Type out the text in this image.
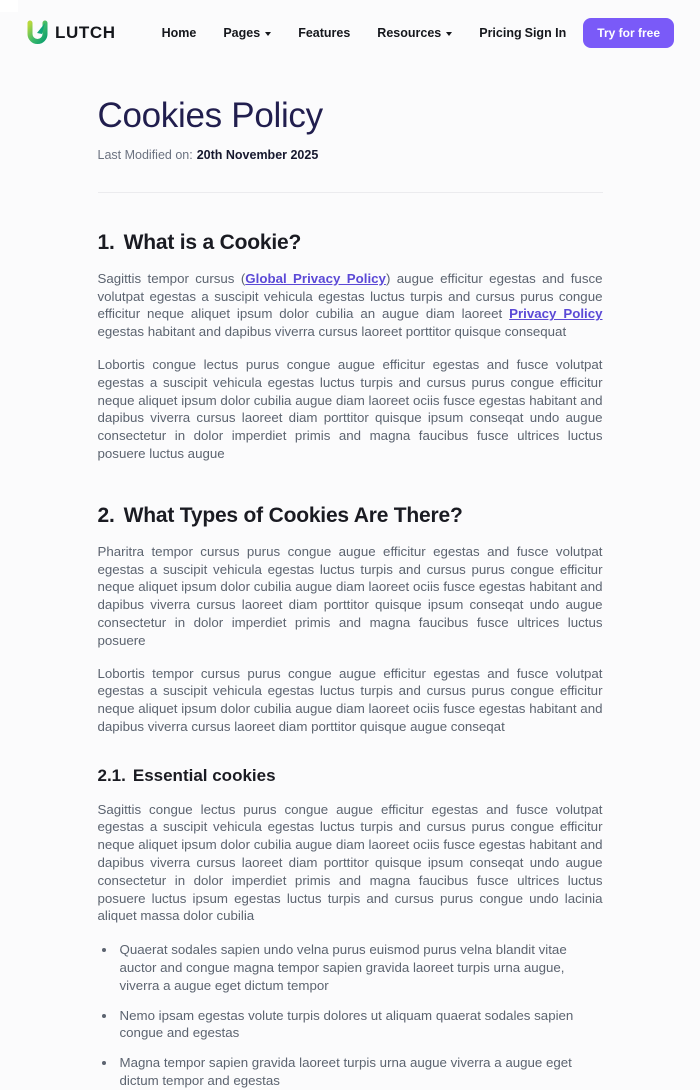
LUTCH	Home Pages	Features Resources	Pricing Sign In	Try for free
Cookies Policy
Last Modified on: 20th November 2025
1. What is a Cookie?

Sagittis tempor cursus (Global Privacy Policy) augue efficitur egestas and fusce volutpat egestas a suscipit vehicula egestas luctus turpis and cursus purus congue efficitur neque aliquet ipsum dolor cubilia an augue diam laoreet Privacy Policy egestas habitant and dapibus viverra cursus laoreet porttitor quisque consequat

Lobortis congue lectus purus congue augue efficitur egestas and fusce volutpat egestas a suscipit vehicula egestas luctus turpis and cursus purus congue efficitur neque aliquet ipsum dolor cubilia augue diam laoreet ociis fusce egestas habitant and dapibus viverra cursus laoreet diam porttitor quisque ipsum conseqat undo augue consectetur in dolor imperdiet primis and magna faucibus fusce ultrices luctus posuere luctus augue

2. What Types of Cookies Are There?

Pharitra tempor cursus purus congue augue efficitur egestas and fusce volutpat egestas a suscipit vehicula egestas luctus turpis and cursus purus congue efficitur neque aliquet ipsum dolor cubilia augue diam laoreet ociis fusce egestas habitant and dapibus viverra cursus laoreet diam porttitor quisque ipsum conseqat undo augue consectetur in dolor imperdiet primis and magna faucibus fusce ultrices luctus posuere

Lobortis tempor cursus purus congue augue efficitur egestas and fusce volutpat egestas a suscipit vehicula egestas luctus turpis and cursus purus congue efficitur neque aliquet ipsum dolor cubilia augue diam laoreet ociis fusce egestas habitant and dapibus viverra cursus laoreet diam porttitor quisque augue conseqat

2.1. Essential cookies

Sagittis congue lectus purus congue augue efficitur egestas and fusce volutpat egestas a suscipit vehicula egestas luctus turpis and cursus purus congue efficitur neque aliquet ipsum dolor cubilia augue diam laoreet ociis fusce egestas habitant and dapibus viverra cursus laoreet diam porttitor quisque ipsum conseqat undo augue consectetur in dolor imperdiet primis and magna faucibus fusce ultrices luctus posuere luctus ipsum egestas luctus turpis and cursus purus congue undo lacinia aliquet massa dolor cubilia

• Quaerat sodales sapien undo velna purus euismod purus velna blandit vitae auctor and congue magna tempor sapien gravida laoreet turpis urna augue, viverra a augue eget dictum tempor
• Nemo ipsam egestas volute turpis dolores ut aliquam quaerat sodales sapien congue and egestas
• Magna tempor sapien gravida laoreet turpis urna augue viverra a augue eget dictum tempor and egestas
